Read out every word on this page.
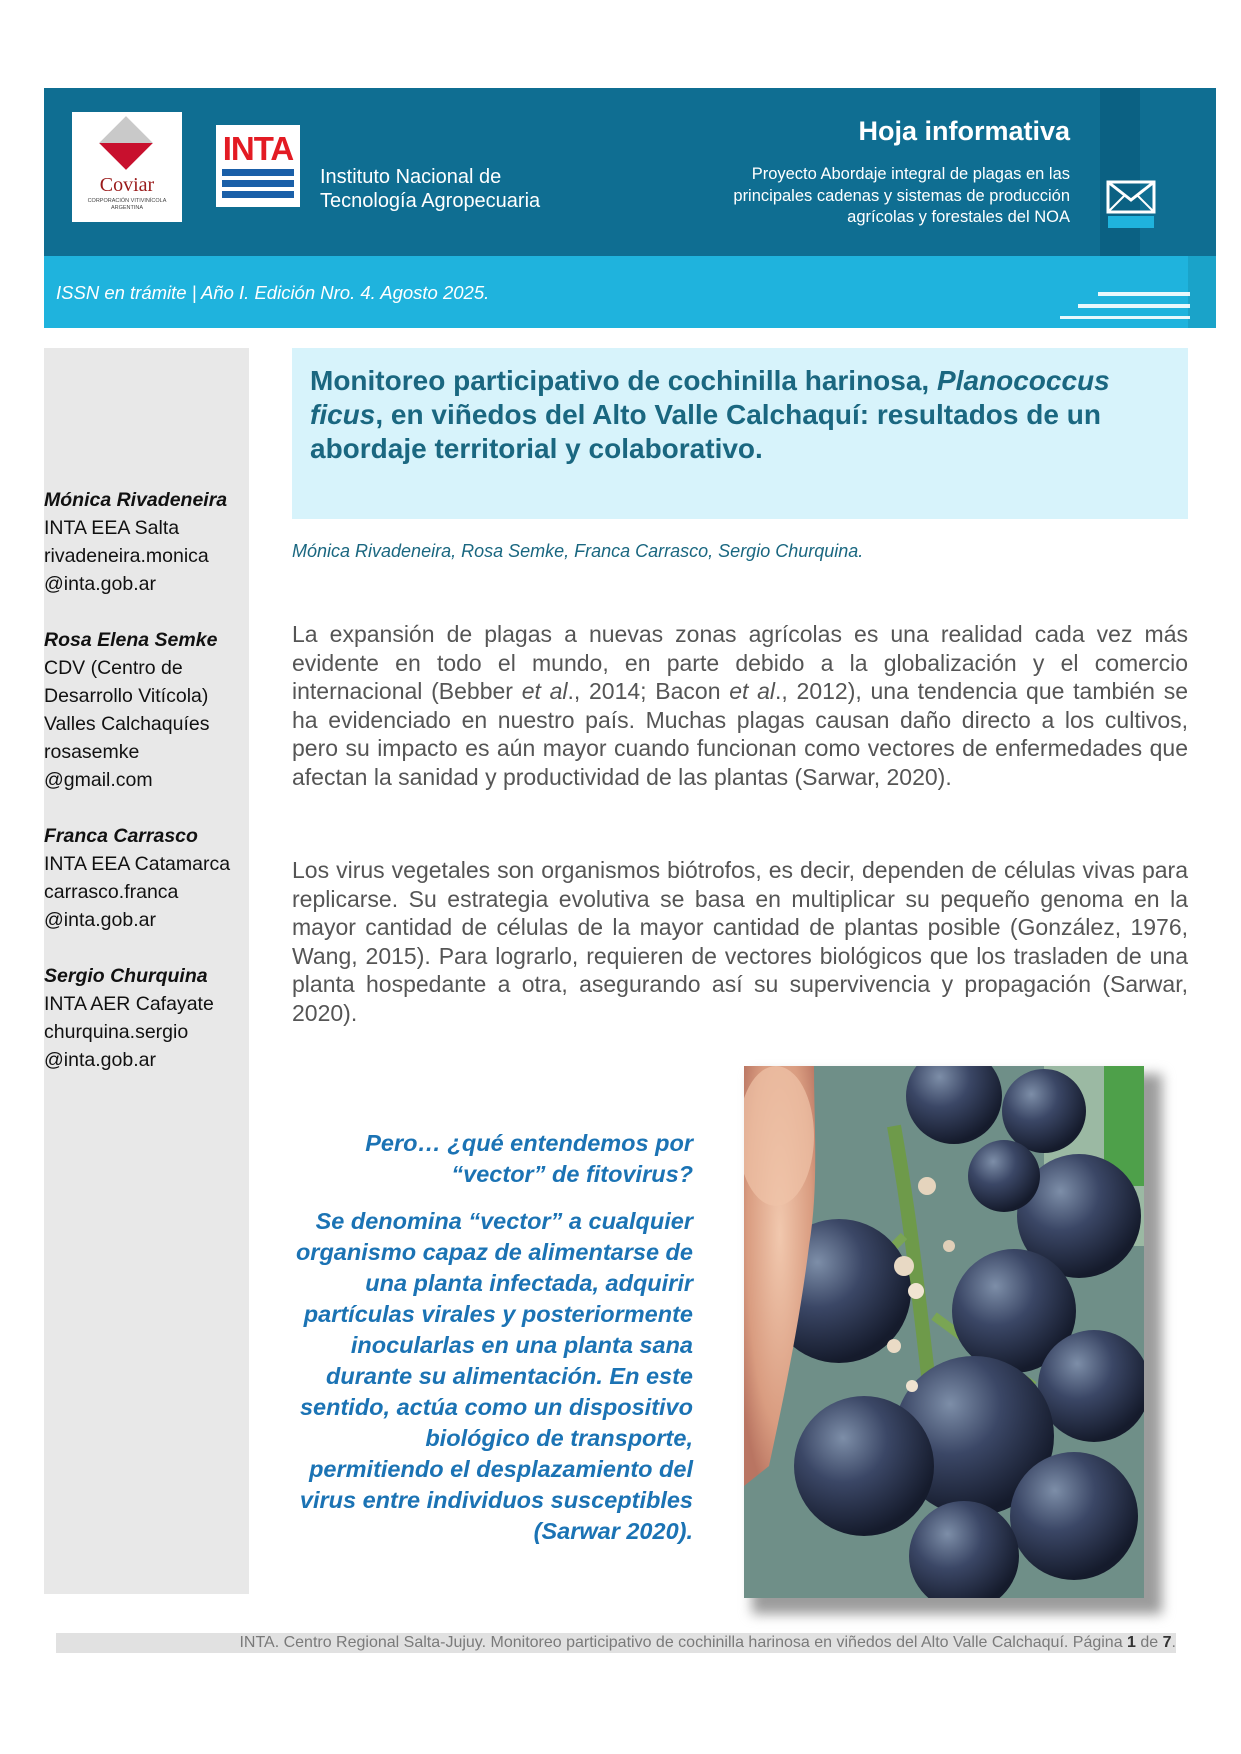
Coviar
CORPORACIÓN VITIVINÍCOLA
ARGENTINA
INTA
Instituto Nacional de
Tecnología Agropecuaria
Hoja informativa
Proyecto Abordaje integral de plagas en las
principales cadenas y sistemas de producción
agrícolas y forestales del NOA
ISSN en trámite | Año I. Edición Nro. 4. Agosto 2025.
Mónica Rivadeneira
INTA EEA Salta
rivadeneira.monica
@inta.gob.ar
Rosa Elena Semke
CDV (Centro de
Desarrollo Vitícola)
Valles Calchaquíes
rosasemke
@gmail.com
Franca Carrasco
INTA EEA Catamarca
carrasco.franca
@inta.gob.ar
Sergio Churquina
INTA AER Cafayate
churquina.sergio
@inta.gob.ar
Monitoreo participativo de cochinilla harinosa, Planococcus ficus, en viñedos del Alto Valle Calchaquí: resultados de un abordaje territorial y colaborativo.
Mónica Rivadeneira, Rosa Semke, Franca Carrasco, Sergio Churquina.

La expansión de plagas a nuevas zonas agrícolas es una realidad cada vez más evidente en todo el mundo, en parte debido a la globalización y el comercio internacional (Bebber et al., 2014; Bacon et al., 2012), una tendencia que también se ha evidenciado en nuestro país. Muchas plagas causan daño directo a los cultivos, pero su impacto es aún mayor cuando funcionan como vectores de enfermedades que afectan la sanidad y productividad de las plantas (Sarwar, 2020).

Los virus vegetales son organismos biótrofos, es decir, dependen de células vivas para replicarse. Su estrategia evolutiva se basa en multiplicar su pequeño genoma en la mayor cantidad de células de la mayor cantidad de plantas posible (González, 1976, Wang, 2015). Para lograrlo, requieren de vectores biológicos que los trasladen de una planta hospedante a otra, asegurando así su supervivencia y propagación (Sarwar, 2020).

Pero… ¿qué entendemos por “vector” de fitovirus?

Se denomina “vector” a cualquier organismo capaz de alimentarse de una planta infectada, adquirir partículas virales y posteriormente inocularlas en una planta sana durante su alimentación. En este sentido, actúa como un dispositivo biológico de transporte, permitiendo el desplazamiento del virus entre individuos susceptibles (Sarwar 2020).

INTA. Centro Regional Salta-Jujuy. Monitoreo participativo de cochinilla harinosa en viñedos del Alto Valle Calchaquí. Página 1 de 7.
